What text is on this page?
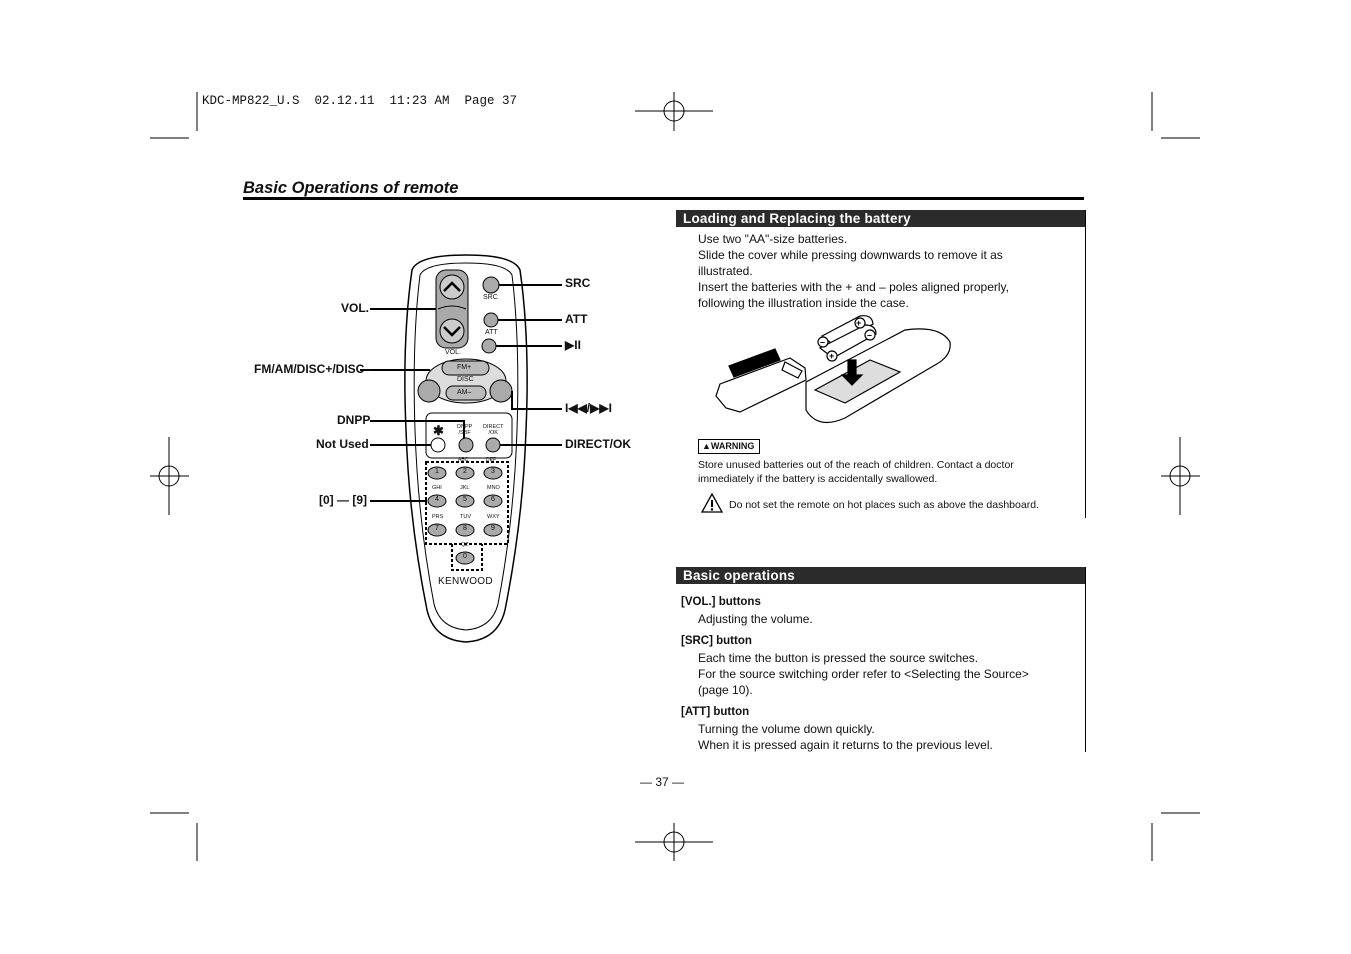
KDC-MP822_U.S  02.12.11  11:23 AM  Page 37
Basic Operations of remote
SRC
ATT
VOL.
FM+
DISC
AM–
DNPP
/SBF
DIRECT
/OK
✱
1	2	3
4	5	6
7	8	9
0
ABC	DEF
GHI	JKL	MNO
PRS	TUV	WXY
QZ
KENWOOD
VOL.
FM/AM/DISC+/DISC–
DNPP
Not Used
[0] — [9]
SRC
ATT
▶II
I◀◀/▶▶I
DIRECT/OK
Loading and Replacing the battery
Use two "AA"-size batteries.
Slide the cover while pressing downwards to remove it as
illustrated.
Insert the batteries with the + and – poles aligned properly,
following the illustration inside the case.
+
–
+
–
▲WARNING
Store unused batteries out of the reach of children. Contact a doctor
immediately if the battery is accidentally swallowed.
Do not set the remote on hot places such as above the dashboard.
Basic operations
[VOL.] buttons
Adjusting the volume.
[SRC] button
Each time the button is pressed the source switches.
For the source switching order refer to <Selecting the Source>
(page 10).
[ATT] button
Turning the volume down quickly.
When it is pressed again it returns to the previous level.
— 37 —
